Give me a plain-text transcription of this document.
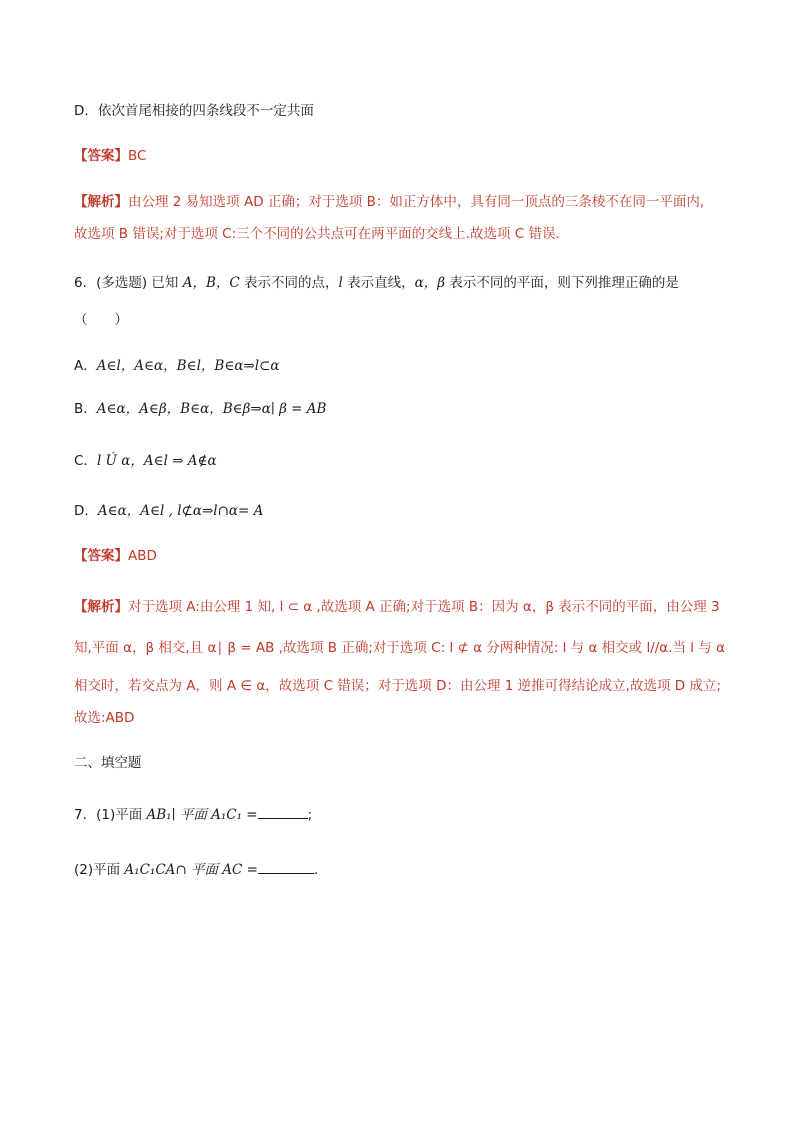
D．依次首尾相接的四条线段不一定共面
【答案】BC
【解析】由公理 2 易知选项 AD 正确；对于选项 B：如正方体中，具有同一顶点的三条棱不在同一平面内,
故选项 B 错误;对于选项 C:三个不同的公共点可在两平面的交线上.故选项 C 错误.
6．(多选题) 已知 A，B，C 表示不同的点，l 表示直线，α，β 表示不同的平面，则下列推理正确的是
（　　）
A．A∈l，A∈α，B∈l，B∈α⇒l⊂α
B．A∈α，A∈β，B∈α，B∈β⇒α∣ β = AB
C．l Ú α，A∈l ⇒ A∉α
D．A∈α，A∈l , l⊄α⇒l∩α= A
【答案】ABD
【解析】对于选项 A:由公理 1 知, l ⊂ α ,故选项 A 正确;对于选项 B：因为 α，β 表示不同的平面，由公理 3
知,平面 α，β 相交,且 α∣ β = AB ,故选项 B 正确;对于选项 C: l ⊄ α 分两种情况: l 与 α 相交或 l//α.当 l 与 α
相交时，若交点为 A，则 A ∈ α，故选项 C 错误；对于选项 D：由公理 1 逆推可得结论成立,故选项 D 成立;
故选:ABD
二、填空题
7．(1)平面 AB₁∣ 平面 A₁C₁ =	;
(2)平面 A₁C₁CA∩ 平面 AC =	.
